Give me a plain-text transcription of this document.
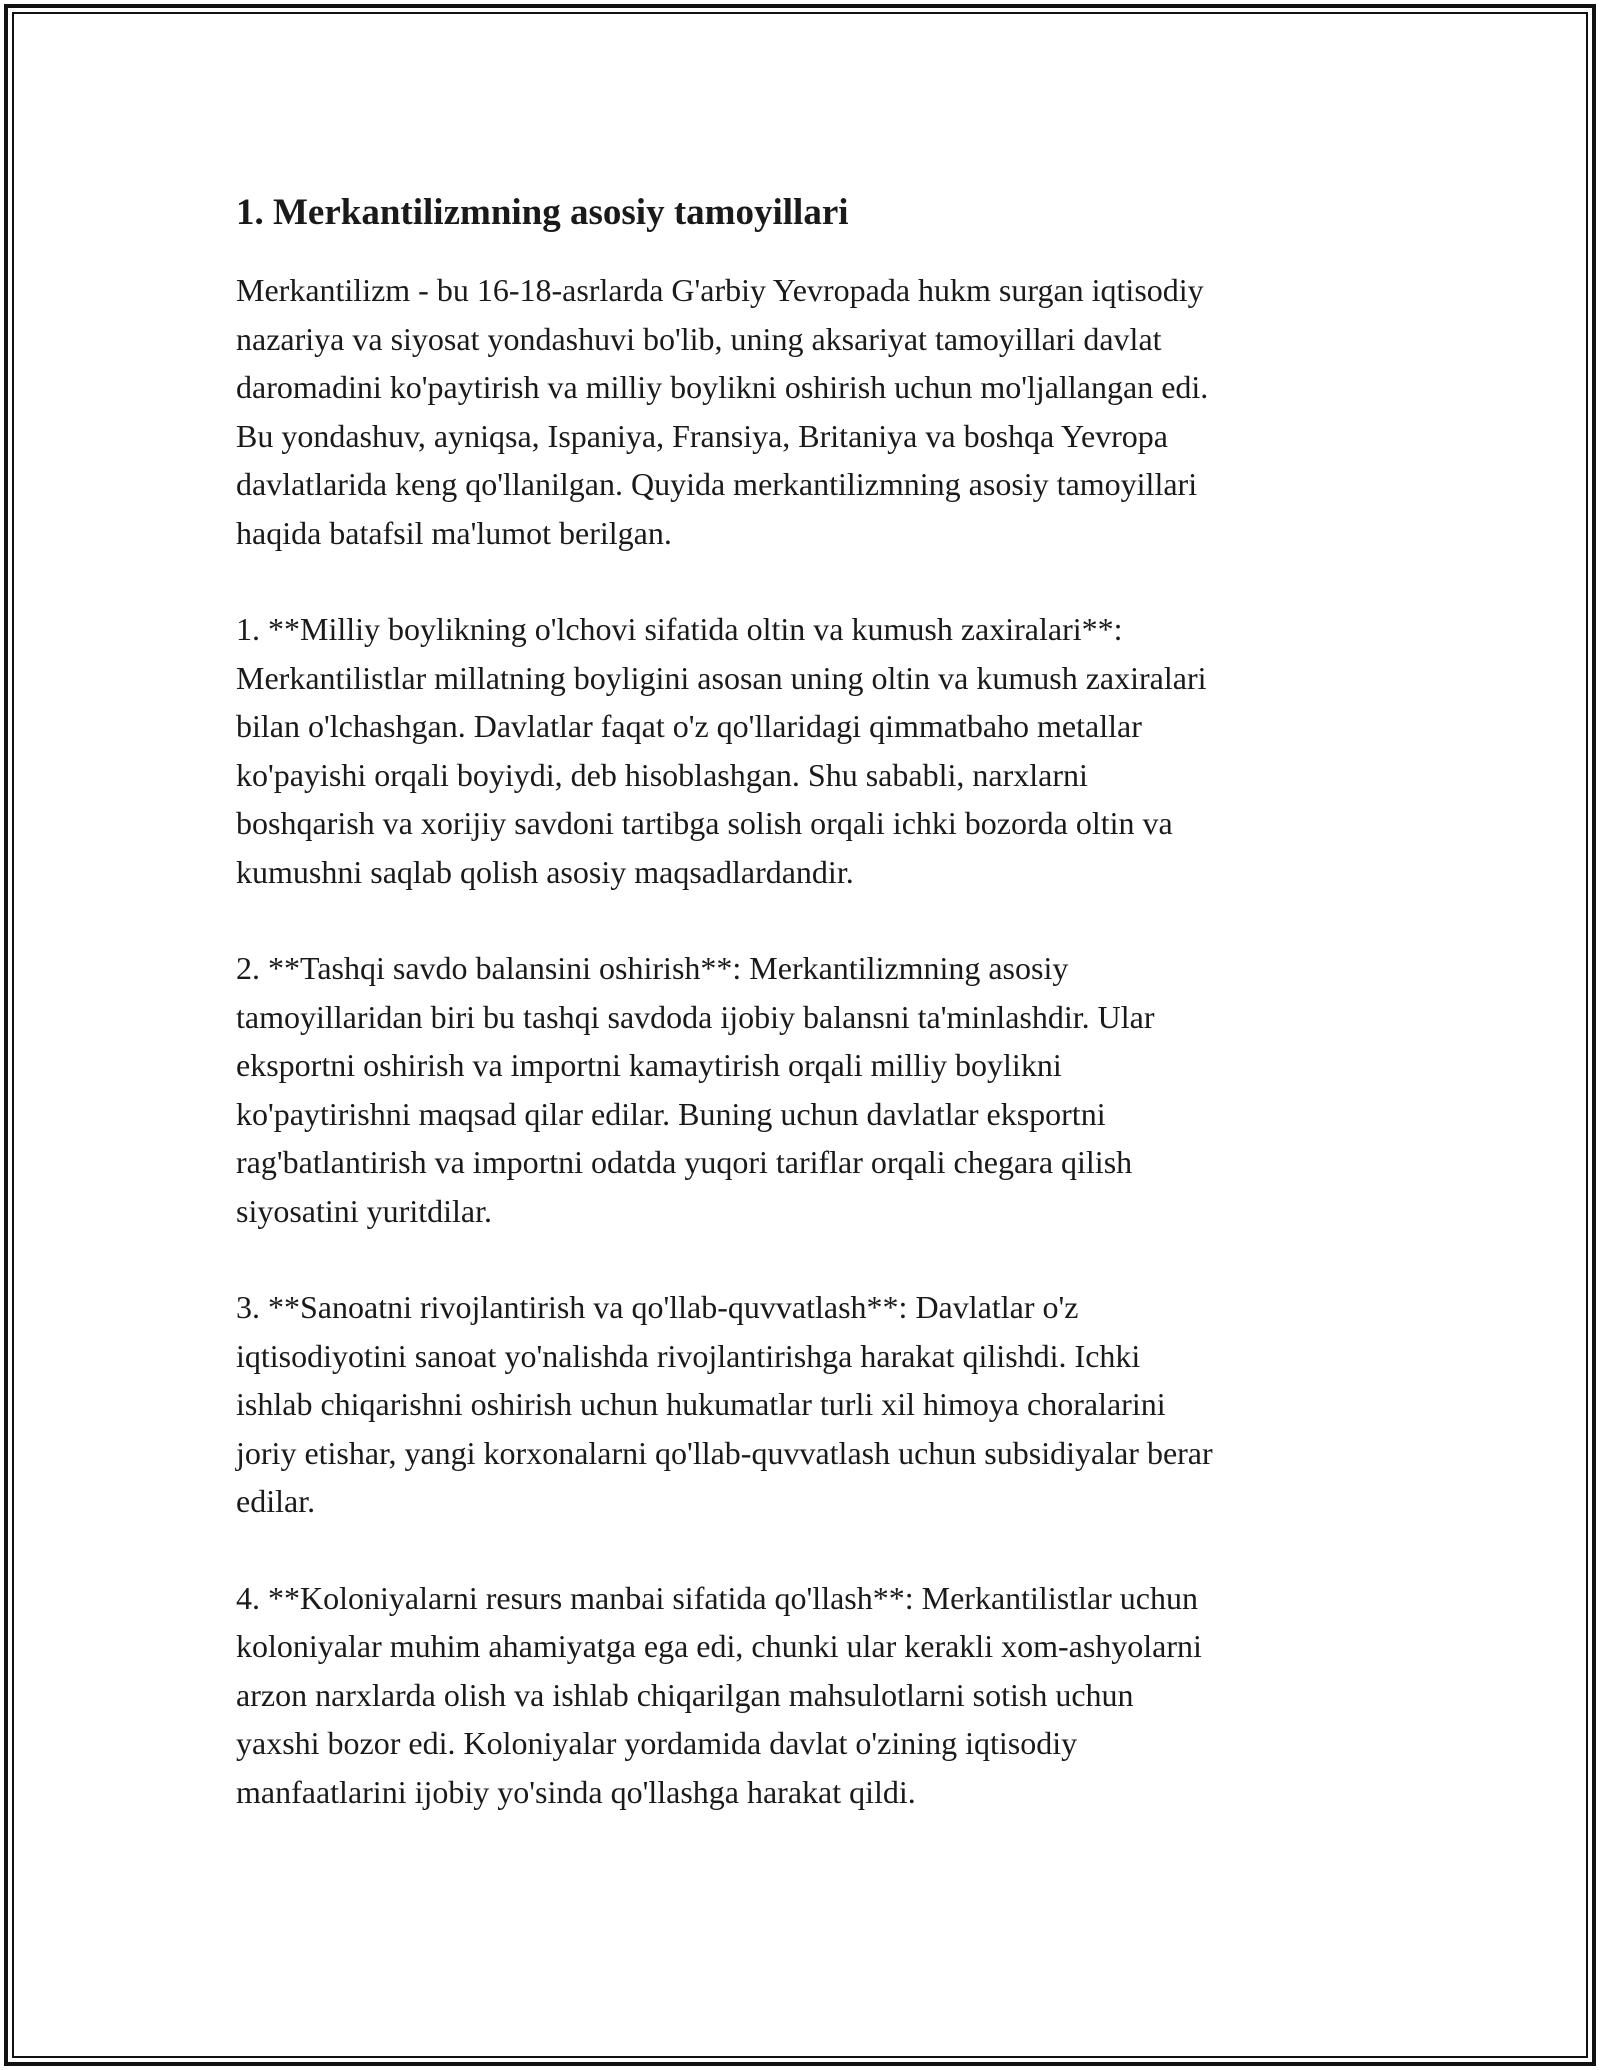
1. Merkantilizmning asosiy tamoyillari

Merkantilizm - bu 16-18-asrlarda G'arbiy Yevropada hukm surgan iqtisodiy
nazariya va siyosat yondashuvi bo'lib, uning aksariyat tamoyillari davlat
daromadini ko'paytirish va milliy boylikni oshirish uchun mo'ljallangan edi.
Bu yondashuv, ayniqsa, Ispaniya, Fransiya, Britaniya va boshqa Yevropa
davlatlarida keng qo'llanilgan. Quyida merkantilizmning asosiy tamoyillari
haqida batafsil ma'lumot berilgan.

1. **Milliy boylikning o'lchovi sifatida oltin va kumush zaxiralari**:
Merkantilistlar millatning boyligini asosan uning oltin va kumush zaxiralari
bilan o'lchashgan. Davlatlar faqat o'z qo'llaridagi qimmatbaho metallar
ko'payishi orqali boyiydi, deb hisoblashgan. Shu sababli, narxlarni
boshqarish va xorijiy savdoni tartibga solish orqali ichki bozorda oltin va
kumushni saqlab qolish asosiy maqsadlardandir.

2. **Tashqi savdo balansini oshirish**: Merkantilizmning asosiy
tamoyillaridan biri bu tashqi savdoda ijobiy balansni ta'minlashdir. Ular
eksportni oshirish va importni kamaytirish orqali milliy boylikni
ko'paytirishni maqsad qilar edilar. Buning uchun davlatlar eksportni
rag'batlantirish va importni odatda yuqori tariflar orqali chegara qilish
siyosatini yuritdilar.

3. **Sanoatni rivojlantirish va qo'llab-quvvatlash**: Davlatlar o'z
iqtisodiyotini sanoat yo'nalishda rivojlantirishga harakat qilishdi. Ichki
ishlab chiqarishni oshirish uchun hukumatlar turli xil himoya choralarini
joriy etishar, yangi korxonalarni qo'llab-quvvatlash uchun subsidiyalar berar
edilar.

4. **Koloniyalarni resurs manbai sifatida qo'llash**: Merkantilistlar uchun
koloniyalar muhim ahamiyatga ega edi, chunki ular kerakli xom-ashyolarni
arzon narxlarda olish va ishlab chiqarilgan mahsulotlarni sotish uchun
yaxshi bozor edi. Koloniyalar yordamida davlat o'zining iqtisodiy
manfaatlarini ijobiy yo'sinda qo'llashga harakat qildi.
